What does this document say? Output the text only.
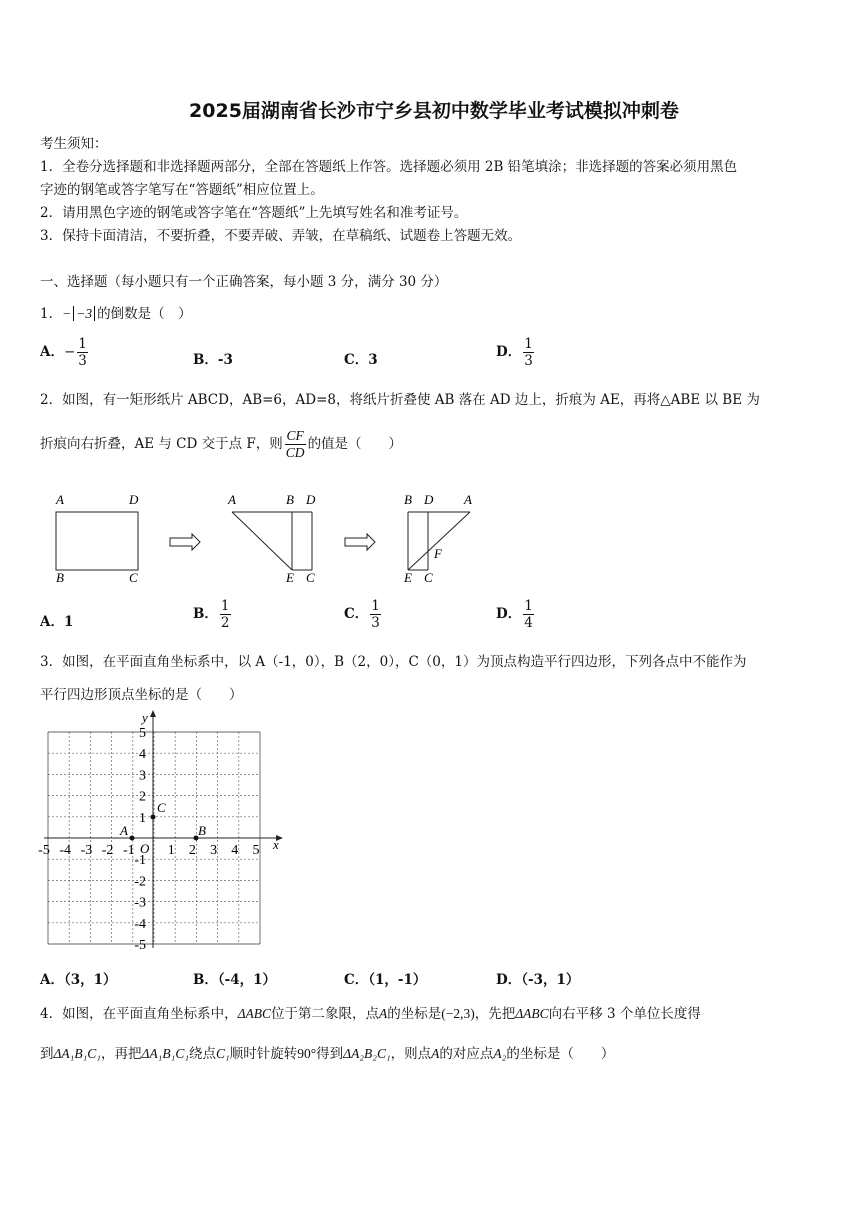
2025届湖南省长沙市宁乡县初中数学毕业考试模拟冲刺卷
考生须知：
1．全卷分选择题和非选择题两部分，全部在答题纸上作答。选择题必须用 2B 铅笔填涂；非选择题的答案必须用黑色
字迹的钢笔或答字笔写在“答题纸”相应位置上。
2．请用黑色字迹的钢笔或答字笔在“答题纸”上先填写姓名和准考证号。
3．保持卡面清洁，不要折叠，不要弄破、弄皱，在草稿纸、试题卷上答题无效。
一、选择题（每小题只有一个正确答案，每小题 3 分，满分 30 分）
1．− −3 的倒数是（　）
A．− $\frac{1}{3}$	B．-3	C．3	D． $\frac{1}{3}$
2．如图，有一矩形纸片 ABCD，AB=6，AD=8，将纸片折叠使 AB 落在 AD 边上，折痕为 AE，再将△ABE 以 BE 为
折痕向右折叠，AE 与 CD 交于点 F，则 $\frac{CF}{CD}$ 的值是（　　）
A	D
B	C
A	B D
E C
B D A
F
E C
A．1	B． $\frac{1}{2}$	C． $\frac{1}{3}$	D． $\frac{1}{4}$
3．如图，在平面直角坐标系中，以 A（-1，0），B（2，0），C（0，1）为顶点构造平行四边形，下列各点中不能作为
平行四边形顶点坐标的是（　　）
x
y
-5 -4 -3 -2 -1 1 2 3 4 5
5
4
3
2
1
-1
-2
-3
-4
-5
O
A	B
C
A．（3，1）	B．（-4，1）	C．（1，-1）	D．（-3，1）
4．如图，在平面直角坐标系中，ΔABC位于第二象限，点A的坐标是(−2,3)，先把ΔABC向右平移 3 个单位长度得
到ΔA₁B₁C₁，再把ΔA₁B₁C₁绕点C₁顺时针旋转90°得到ΔA₂B₂C₁，则点A的对应点A₂的坐标是（　　）
